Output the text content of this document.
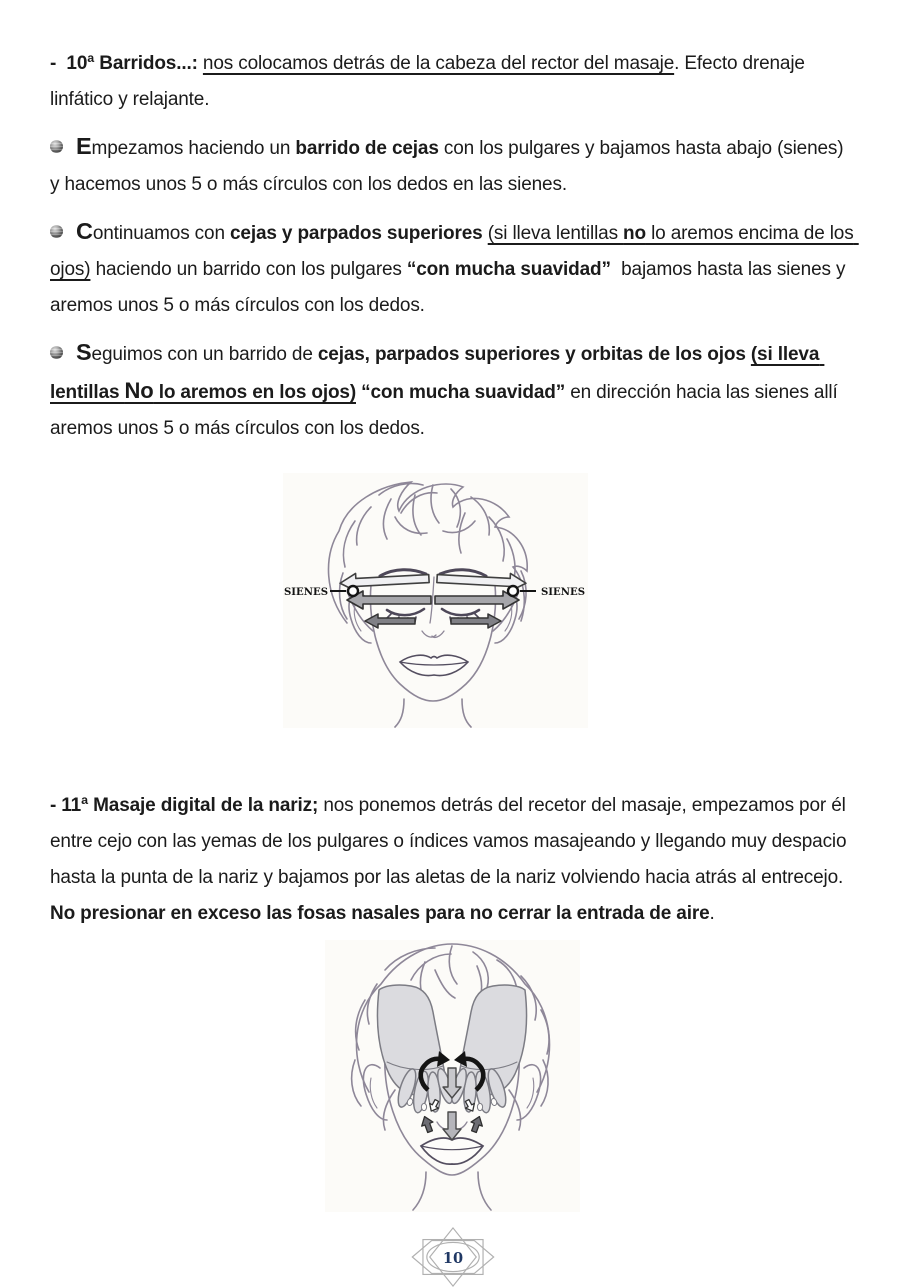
-  10ª Barridos...: nos colocamos detrás de la cabeza del rector del masaje. Efecto drenaje linfático y relajante.

Empezamos haciendo un barrido de cejas con los pulgares y bajamos hasta abajo (sienes) y hacemos unos 5 o más círculos con los dedos en las sienes.

Continuamos con cejas y parpados superiores (si lleva lentillas no lo aremos encima de los ojos) haciendo un barrido con los pulgares “con mucha suavidad”  bajamos hasta las sienes y aremos unos 5 o más círculos con los dedos.

Seguimos con un barrido de cejas, parpados superiores y orbitas de los ojos (si lleva lentillas No lo aremos en los ojos) “con mucha suavidad” en dirección hacia las sienes allí aremos unos 5 o más círculos con los dedos.

SIENES	SIENES

- 11ª Masaje digital de la nariz; nos ponemos detrás del recetor del masaje, empezamos por él entre cejo con las yemas de los pulgares o índices vamos masajeando y llegando muy despacio hasta la punta de la nariz y bajamos por las aletas de la nariz volviendo hacia atrás al entrecejo. No presionar en exceso las fosas nasales para no cerrar la entrada de aire.

10
